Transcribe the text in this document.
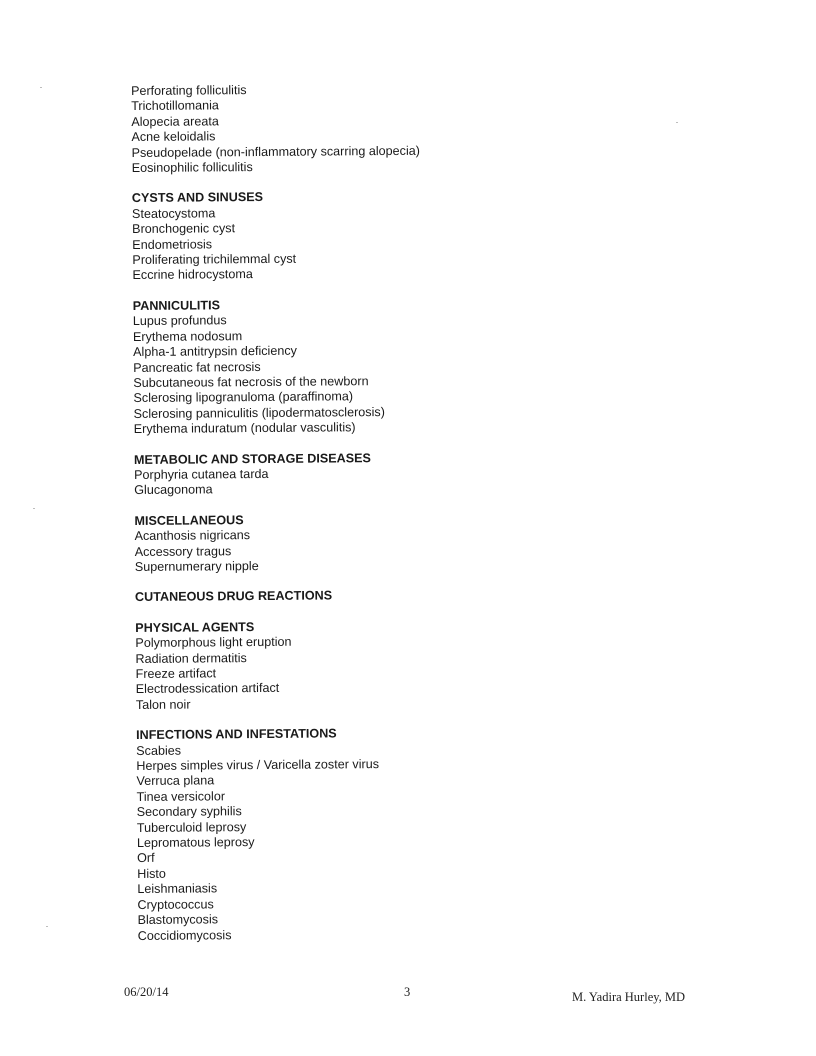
Perforating folliculitis
Trichotillomania
Alopecia areata
Acne keloidalis
Pseudopelade (non-inflammatory scarring alopecia)
Eosinophilic folliculitis
CYSTS AND SINUSES
Steatocystoma
Bronchogenic cyst
Endometriosis
Proliferating trichilemmal cyst
Eccrine hidrocystoma
PANNICULITIS
Lupus profundus
Erythema nodosum
Alpha-1 antitrypsin deficiency
Pancreatic fat necrosis
Subcutaneous fat necrosis of the newborn
Sclerosing lipogranuloma (paraffinoma)
Sclerosing panniculitis (lipodermatosclerosis)
Erythema induratum (nodular vasculitis)
METABOLIC AND STORAGE DISEASES
Porphyria cutanea tarda
Glucagonoma
MISCELLANEOUS
Acanthosis nigricans
Accessory tragus
Supernumerary nipple
CUTANEOUS DRUG REACTIONS
PHYSICAL AGENTS
Polymorphous light eruption
Radiation dermatitis
Freeze artifact
Electrodessication artifact
Talon noir
INFECTIONS AND INFESTATIONS
Scabies
Herpes simples virus / Varicella zoster virus
Verruca plana
Tinea versicolor
Secondary syphilis
Tuberculoid leprosy
Lepromatous leprosy
Orf
Histo
Leishmaniasis
Cryptococcus
Blastomycosis
Coccidiomycosis
06/20/14	3	M. Yadira Hurley, MD
